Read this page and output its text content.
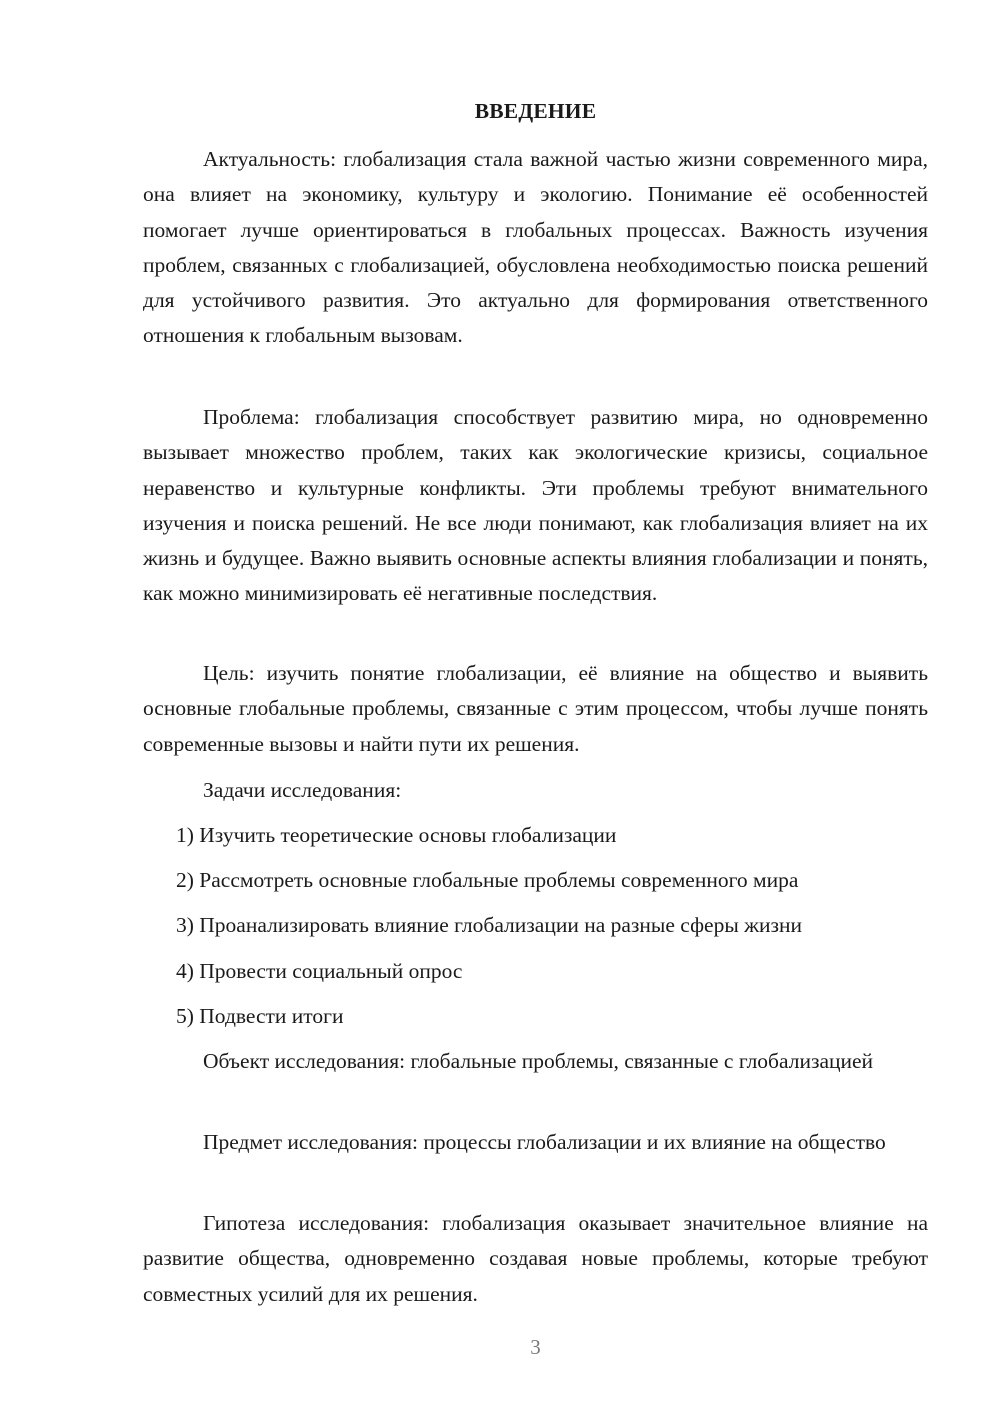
ВВЕДЕНИЕ

Актуальность: глобализация стала важной частью жизни современного мира, она влияет на экономику, культуру и экологию. Понимание её особенностей помогает лучше ориентироваться в глобальных процессах. Важность изучения проблем, связанных с глобализацией, обусловлена необходимостью поиска решений для устойчивого развития. Это актуально для формирования ответственного отношения к глобальным вызовам.

Проблема: глобализация способствует развитию мира, но одновременно вызывает множество проблем, таких как экологические кризисы, социальное неравенство и культурные конфликты. Эти проблемы требуют внимательного изучения и поиска решений. Не все люди понимают, как глобализация влияет на их жизнь и будущее. Важно выявить основные аспекты влияния глобализации и понять, как можно минимизировать её негативные последствия.

Цель: изучить понятие глобализации, её влияние на общество и выявить основные глобальные проблемы, связанные с этим процессом, чтобы лучше понять современные вызовы и найти пути их решения.

Задачи исследования:

1) Изучить теоретические основы глобализации

2) Рассмотреть основные глобальные проблемы современного мира

3) Проанализировать влияние глобализации на разные сферы жизни

4) Провести социальный опрос

5) Подвести итоги

Объект исследования: глобальные проблемы, связанные с глобализацией

Предмет исследования: процессы глобализации и их влияние на общество

Гипотеза исследования: глобализация оказывает значительное влияние на развитие общества, одновременно создавая новые проблемы, которые требуют совместных усилий для их решения.

3
